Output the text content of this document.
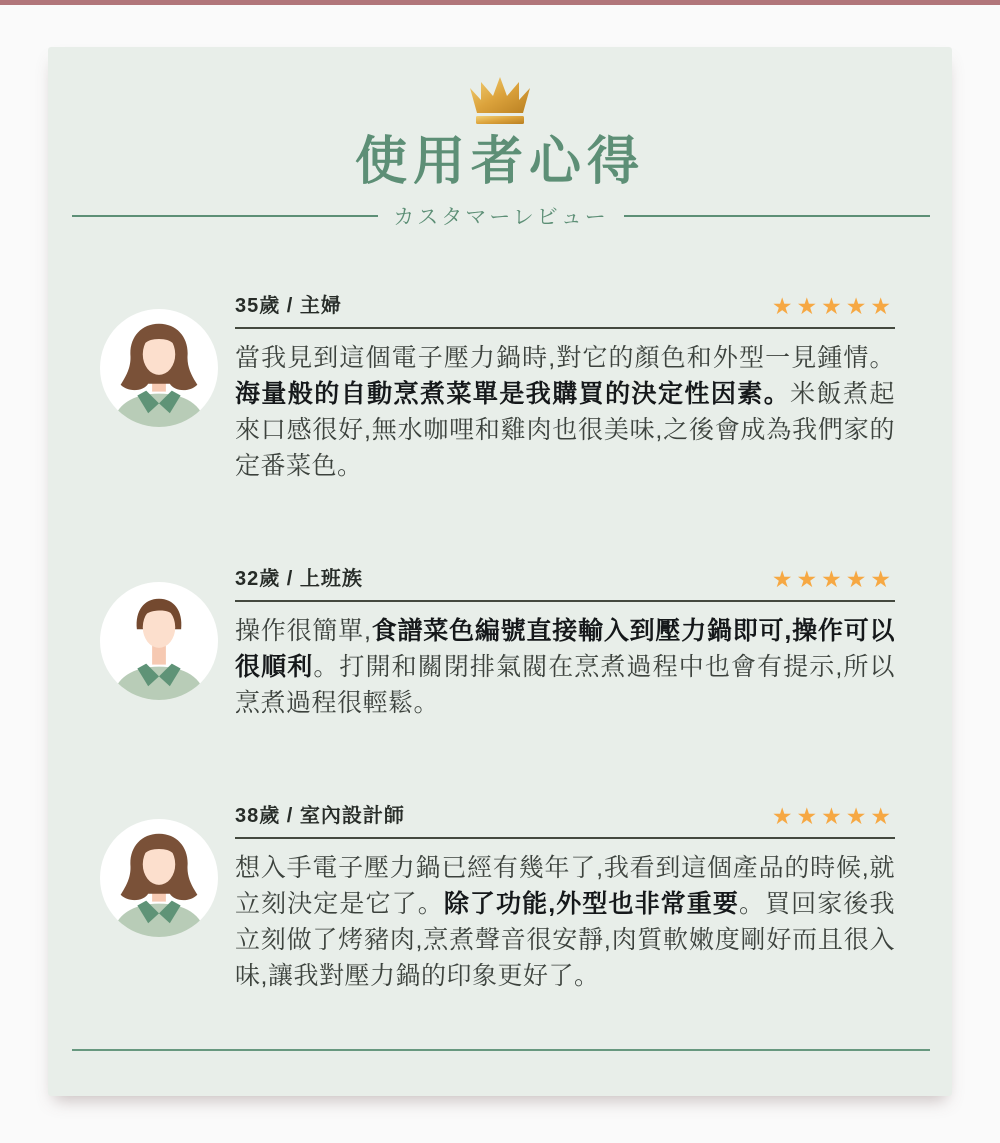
使用者心得
カスタマーレビュー
35歲 / 主婦	★★★★★
當我見到這個電子壓力鍋時,對它的顏色和外型一見鍾情。海量般的自動烹煮菜單是我購買的決定性因素。米飯煮起來口感很好,無水咖哩和雞肉也很美味,之後會成為我們家的定番菜色。
32歲 / 上班族	★★★★★
操作很簡單,食譜菜色編號直接輸入到壓力鍋即可,操作可以很順利。打開和關閉排氣閥在烹煮過程中也會有提示,所以烹煮過程很輕鬆。
38歲 / 室內設計師	★★★★★
想入手電子壓力鍋已經有幾年了,我看到這個產品的時候,就立刻決定是它了。除了功能,外型也非常重要。買回家後我立刻做了烤豬肉,烹煮聲音很安靜,肉質軟嫩度剛好而且很入味,讓我對壓力鍋的印象更好了。
